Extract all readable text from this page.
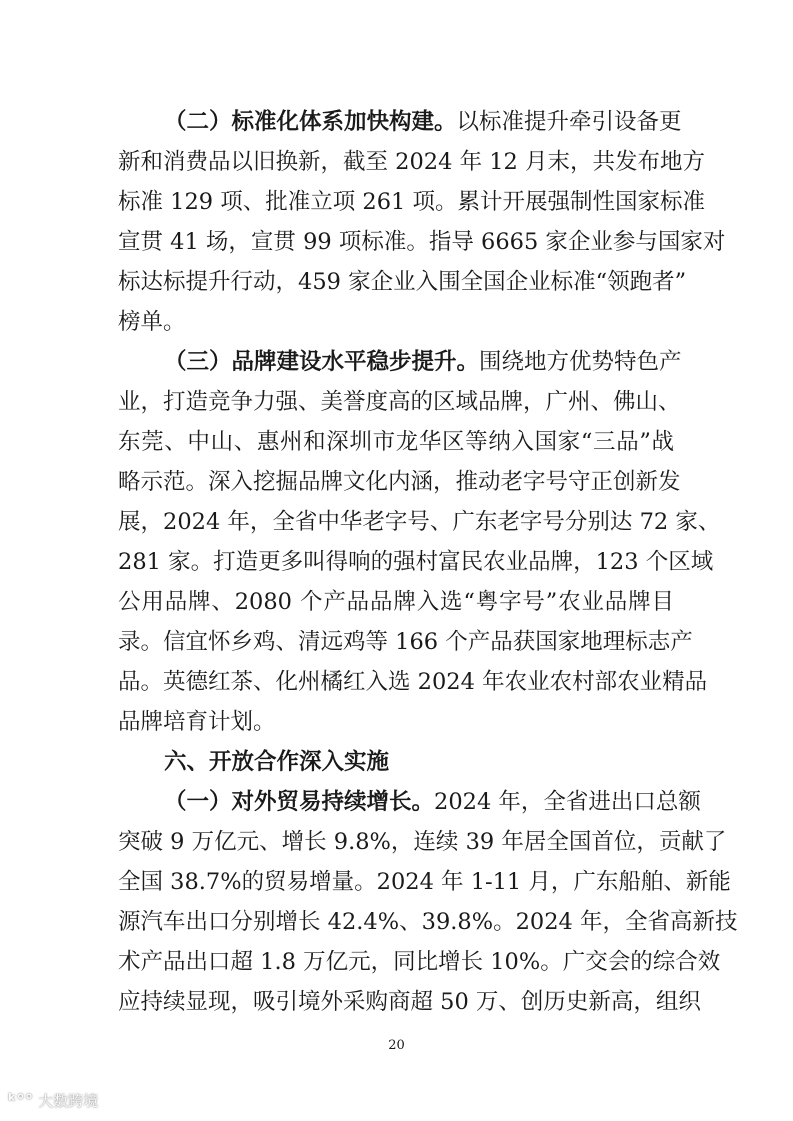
（二）标准化体系加快构建。以标准提升牵引设备更
新和消费品以旧换新，截至 2024 年 12 月末，共发布地方
标准 129 项、批准立项 261 项。累计开展强制性国家标准
宣贯 41 场，宣贯 99 项标准。指导 6665 家企业参与国家对
标达标提升行动，459 家企业入围全国企业标准“领跑者”
榜单。
（三）品牌建设水平稳步提升。围绕地方优势特色产
业，打造竞争力强、美誉度高的区域品牌，广州、佛山、
东莞、中山、惠州和深圳市龙华区等纳入国家“三品”战
略示范。深入挖掘品牌文化内涵，推动老字号守正创新发
展，2024 年，全省中华老字号、广东老字号分别达 72 家、
281 家。打造更多叫得响的强村富民农业品牌，123 个区域
公用品牌、2080 个产品品牌入选“粤字号”农业品牌目
录。信宜怀乡鸡、清远鸡等 166 个产品获国家地理标志产
品。英德红茶、化州橘红入选 2024 年农业农村部农业精品
品牌培育计划。
六、开放合作深入实施
（一）对外贸易持续增长。2024 年，全省进出口总额
突破 9 万亿元、增长 9.8%，连续 39 年居全国首位，贡献了
全国 38.7%的贸易增量。2024 年 1-11 月，广东船舶、新能
源汽车出口分别增长 42.4%、39.8%。2024 年，全省高新技
术产品出口超 1.8 万亿元，同比增长 10%。广交会的综合效
应持续显现，吸引境外采购商超 50 万、创历史新高，组织
20
ᵏ°° 大数跨境
